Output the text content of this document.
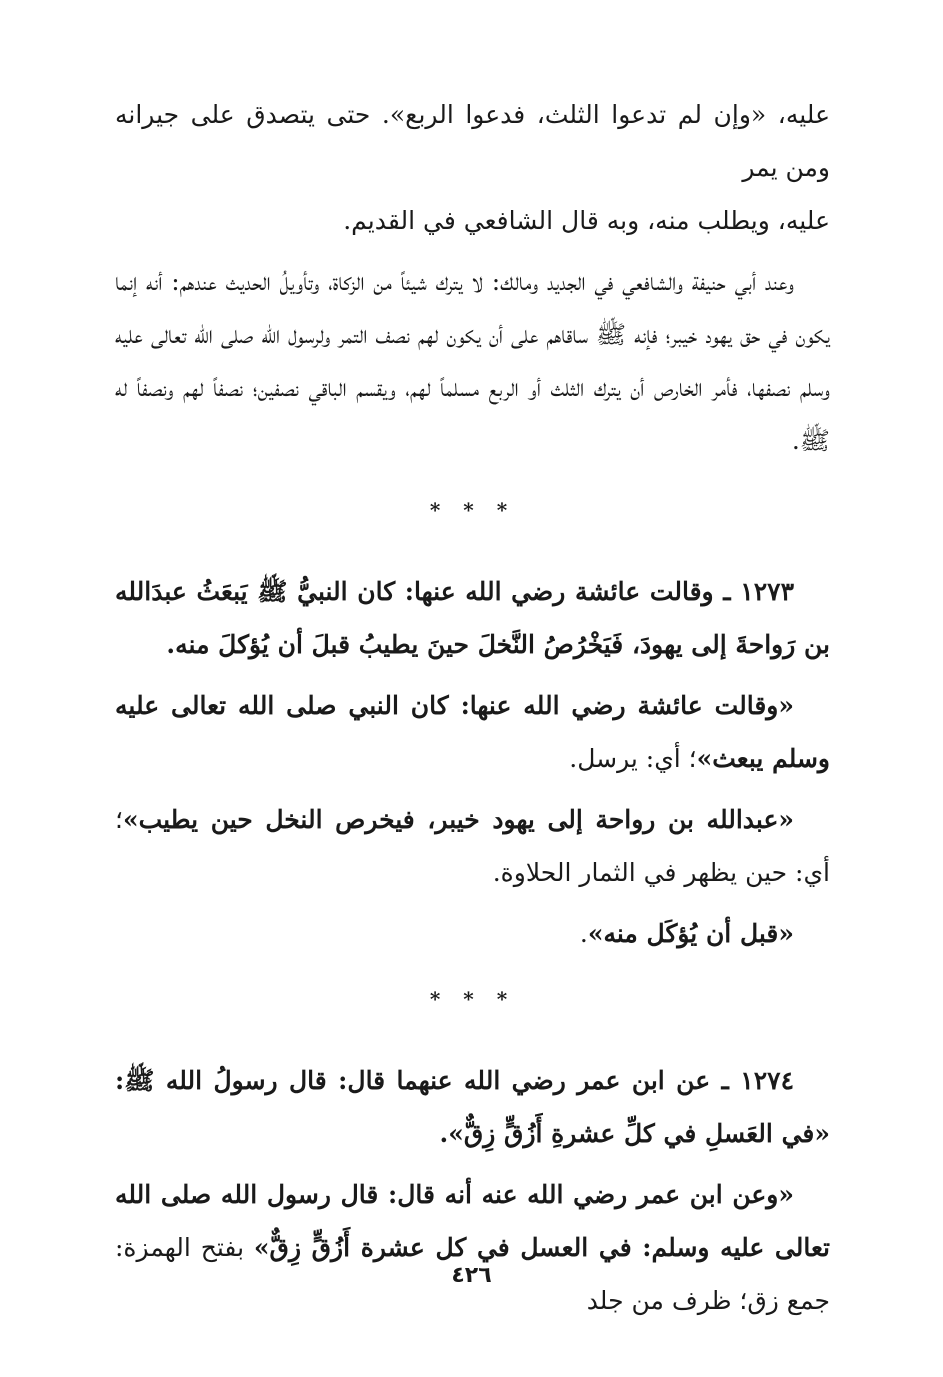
عليه، «وإن لم تدعوا الثلث، فدعوا الربع». حتى يتصدق على جيرانه ومن يمر
عليه، ويطلب منه، وبه قال الشافعي في القديم.

وعند أبي حنيفة والشافعي في الجديد ومالك: لا يترك شيئاً من الزكاة، وتأويلُ الحديث عندهم: أنه إنما يكون في حق يهود خيبر؛ فإنه ﷺ ساقاهم على أن يكون لهم نصف التمر ولرسول الله صلى الله تعالى عليه وسلم نصفها، فأمر الخارص أن يترك الثلث أو الربع مسلماً لهم، ويقسم الباقي نصفين؛ نصفاً لهم ونصفاً له ﷺ.

* * *

١٢٧٣ ـ وقالت عائشة رضي الله عنها: كان النبيُّ ﷺ يَبعَثُ عبدَالله بن رَواحةَ إلى يهودَ، فَيَخْرُصُ النَّخلَ حينَ يطيبُ قبلَ أن يُؤكلَ منه.

«وقالت عائشة رضي الله عنها: كان النبي صلى الله تعالى عليه وسلم يبعث»؛ أي: يرسل.

«عبدالله بن رواحة إلى يهود خيبر، فيخرص النخل حين يطيب»؛ أي: حين يظهر في الثمار الحلاوة.

«قبل أن يُؤكَل منه».

* * *

١٢٧٤ ـ عن ابن عمر رضي الله عنهما قال: قال رسولُ الله ﷺ: «في العَسلِ في كلِّ عشرةِ أَزُقٍّ زِقٌّ».

«وعن ابن عمر رضي الله عنه أنه قال: قال رسول الله صلى الله تعالى عليه وسلم: في العسل في كل عشرة أَزُقٍّ زِقٌّ» بفتح الهمزة: جمع زق؛ ظرف من جلد

٤٢٦
